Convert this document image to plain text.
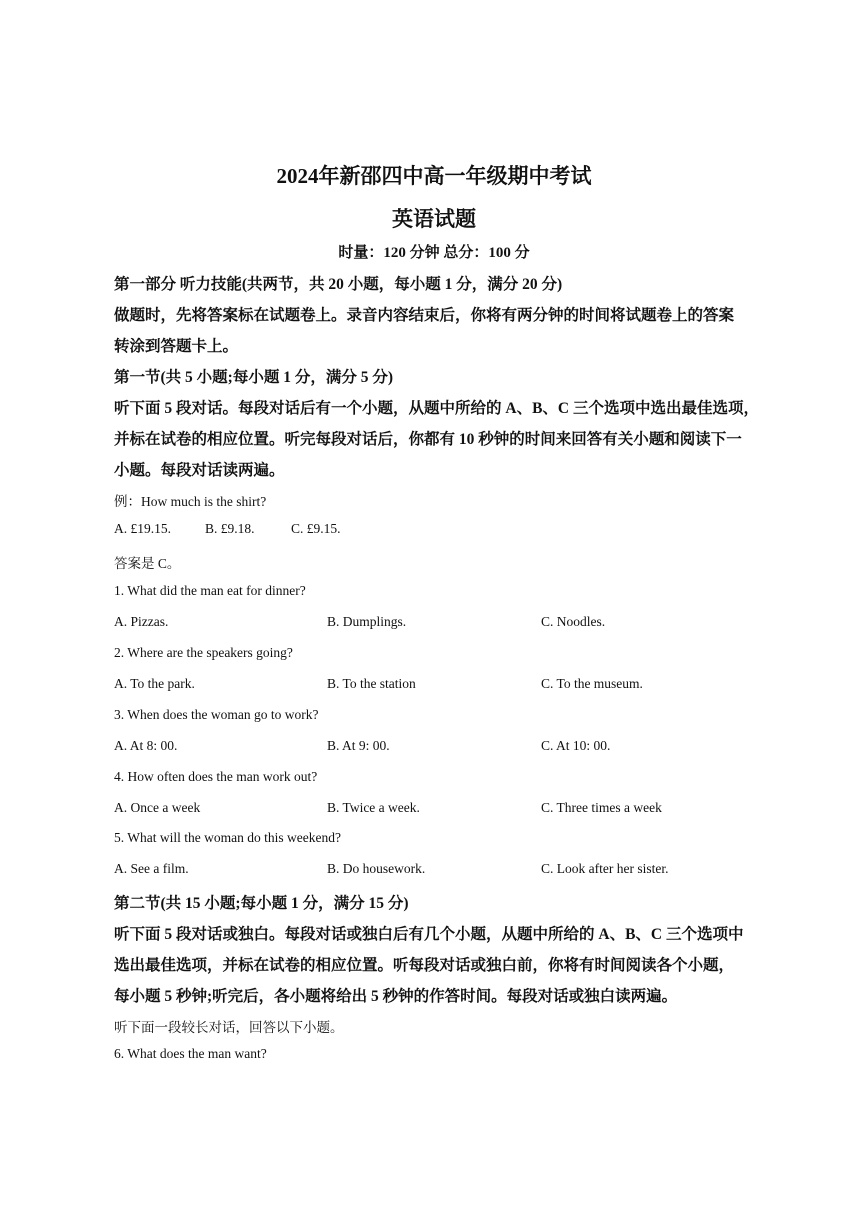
2024年新邵四中高一年级期中考试
英语试题
时量：120 分钟 总分：100 分
第一部分 听力技能(共两节，共 20 小题，每小题 1 分，满分 20 分)
做题时，先将答案标在试题卷上。录音内容结束后，你将有两分钟的时间将试题卷上的答案
转涂到答题卡上。
第一节(共 5 小题;每小题 1 分，满分 5 分)
听下面 5 段对话。每段对话后有一个小题，从题中所给的 A、B、C 三个选项中选出最佳选项，
并标在试卷的相应位置。听完每段对话后，你都有 10 秒钟的时间来回答有关小题和阅读下一
小题。每段对话读两遍。
例：How much is the shirt?
A. £19.15.	B. £9.18.	C. £9.15.
答案是 C。
1. What did the man eat for dinner?
A. Pizzas.	B. Dumplings.	C. Noodles.
2. Where are the speakers going?
A. To the park.	B. To the station	C. To the museum.
3. When does the woman go to work?
A. At 8: 00.	B. At 9: 00.	C. At 10: 00.
4. How often does the man work out?
A. Once a week	B. Twice a week.	C. Three times a week
5. What will the woman do this weekend?
A. See a film.	B. Do housework.	C. Look after her sister.
第二节(共 15 小题;每小题 1 分，满分 15 分)
听下面 5 段对话或独白。每段对话或独白后有几个小题，从题中所给的 A、B、C 三个选项中
选出最佳选项，并标在试卷的相应位置。听每段对话或独白前，你将有时间阅读各个小题，
每小题 5 秒钟;听完后，各小题将给出 5 秒钟的作答时间。每段对话或独白读两遍。
听下面一段较长对话，回答以下小题。
6. What does the man want?
